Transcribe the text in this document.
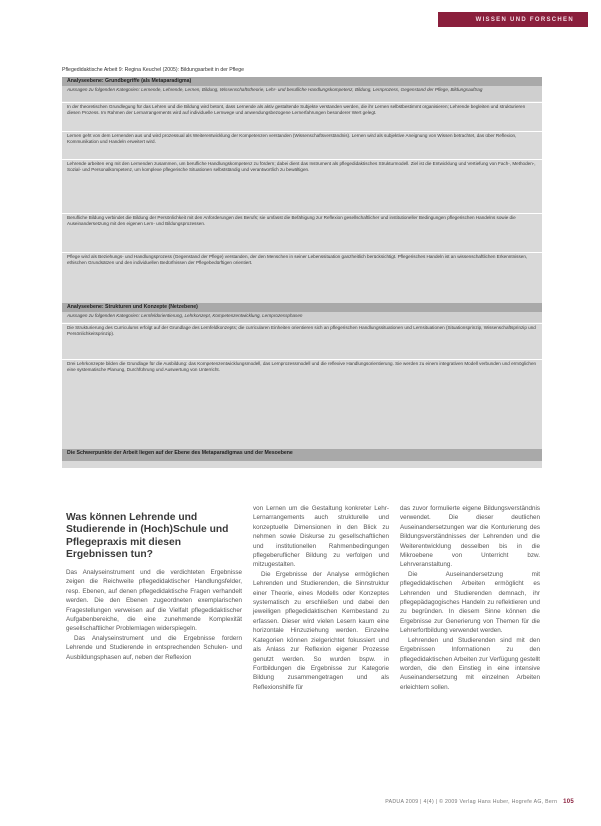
WISSEN UND FORSCHEN
Pflegedidaktische Arbeit 9: Regina Keuchel (2005): Bildungsarbeit in der Pflege
Analyseebene: Grundbegriffe (als Metaparadigma)

Aussagen zu folgenden Kategorien: Lernende, Lehrende, Lernen, Bildung, Wissenschaftstheorie, Lehr- und berufliche Handlungskompetenz, Bildung, Lernprozess, Gegenstand der Pflege, Bildungsauftrag

In der theoretischen Grundlegung für das Lehren und die Bildung wird betont, dass Lernende als aktiv gestaltende Subjekte verstanden werden, die ihr Lernen selbstbestimmt organisieren; Lehrende begleiten und strukturieren diesen Prozess. Im Rahmen der Lernarrangements wird auf individuelle Lernwege und anwendungsbezogene Lernerfahrungen besonderer Wert gelegt.

Lernen geht von dem Lernenden aus und wird prozessual als Weiterentwicklung der Kompetenzen verstanden (Wissenschaftsverständnis). Lernen wird als subjektive Aneignung von Wissen betrachtet, das über Reflexion, Kommunikation und Handeln erweitert wird.

Lehrende arbeiten eng mit den Lernenden zusammen, um berufliche Handlungskompetenz zu fördern; dabei dient das Instrument als pflegedidaktisches Strukturmodell. Ziel ist die Entwicklung und Vertiefung von Fach-, Methoden-, Sozial- und Personalkompetenz, um komplexe pflegerische Situationen selbstständig und verantwortlich zu bewältigen.

Berufliche Bildung verbindet die Bildung der Persönlichkeit mit den Anforderungen des Berufs; sie umfasst die Befähigung zur Reflexion gesellschaftlicher und institutioneller Bedingungen pflegerischen Handelns sowie die Auseinandersetzung mit den eigenen Lern- und Bildungsprozessen.

Pflege wird als Beziehungs- und Handlungsprozess (Gegenstand der Pflege) verstanden, der den Menschen in seiner Lebenssituation ganzheitlich berücksichtigt. Pflegerisches Handeln ist an wissenschaftlichen Erkenntnissen, ethischen Grundsätzen und den individuellen Bedürfnissen der Pflegebedürftigen orientiert.

Analyseebene: Strukturen und Konzepte (Netzebene)

Aussagen zu folgenden Kategorien: Lernfeldorientierung, Lehrkonzept, Kompetenzentwicklung, Lernprozessphasen

Die Strukturierung des Curriculums erfolgt auf der Grundlage des Lernfeldkonzepts; die curricularen Einheiten orientieren sich an pflegerischen Handlungssituationen und Lernsituationen (Situationsprinzip, Wissenschaftsprinzip und Persönlichkeitsprinzip).

Drei Lehrkonzepte bilden die Grundlage für die Ausbildung: das Kompetenzentwicklungsmodell, das Lernprozessmodell und die reflexive Handlungsorientierung. Sie werden zu einem integrativen Modell verbunden und ermöglichen eine systematische Planung, Durchführung und Auswertung von Unterricht.

Die Schwerpunkte der Arbeit liegen auf der Ebene des Metaparadigmas und der Mesoebene
Was können Lehrende und Studierende in (Hoch)Schule und Pflegepraxis mit diesen Ergebnissen tun?

Das Analyseinstrument und die verdichteten Ergebnisse zeigen die Reichweite pflegedidaktischer Handlungsfelder, resp. Ebenen, auf denen pflegedidaktische Fragen verhandelt werden. Die den Ebenen zugeordneten exemplarischen Fragestellungen verweisen auf die Vielfalt pflegedidaktischer Aufgabenbereiche, die eine zunehmende Komplexität gesellschaftlicher Problemlagen widerspiegeln.

Das Analyseinstrument und die Ergebnisse fordern Lehrende und Studierende in entsprechenden Schulen- und Ausbildungsphasen auf, neben der Reflexion

von Lernen um die Gestaltung konkreter Lehr-Lernarrangements auch strukturelle und konzeptuelle Dimensionen in den Blick zu nehmen sowie Diskurse zu gesellschaftlichen und institutionellen Rahmenbedingungen pflegeberuflicher Bildung zu verfolgen und mitzugestalten.

Die Ergebnisse der Analyse ermöglichen Lehrenden und Studierenden, die Sinnstruktur einer Theorie, eines Modells oder Konzeptes systematisch zu erschließen und dabei den jeweiligen pflegedidaktischen Kernbestand zu erfassen. Dieser wird vielen Lesern kaum eine horizontale Hinzuziehung werden. Einzelne Kategorien können zielgerichtet fokussiert und als Anlass zur Reflexion eigener Prozesse genutzt werden. So wurden bspw. in Fortbildungen die Ergebnisse zur Kategorie Bildung zusammengetragen und als Reflexionshilfe für

das zuvor formulierte eigene Bildungsverständnis verwendet. Die dieser deutlichen Auseinandersetzungen war die Konturierung des Bildungsverständnisses der Lehrenden und die Weiterentwicklung desselben bis in die Mikroebene von Unterricht bzw. Lehrveranstaltung.

Die Auseinandersetzung mit pflegedidaktischen Arbeiten ermöglicht es Lehrenden und Studierenden demnach, ihr pflegepädagogisches Handeln zu reflektieren und zu begründen. In diesem Sinne können die Ergebnisse zur Generierung von Themen für die Lehrerfortbildung verwendet werden.

Lehrenden und Studierenden sind mit den Ergebnissen Informationen zu den pflegedidaktischen Arbeiten zur Verfügung gestellt worden, die den Einstieg in eine intensive Auseinandersetzung mit einzelnen Arbeiten erleichtern sollen.

PADUA 2009 | 4(4) | © 2009 Verlag Hans Huber, Hogrefe AG, Bern 105
